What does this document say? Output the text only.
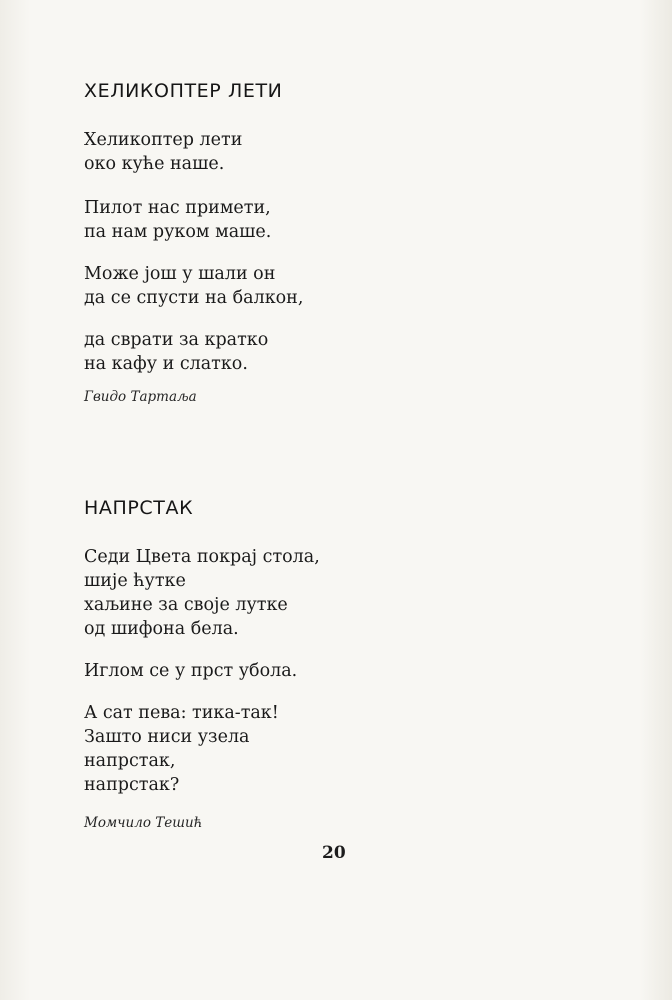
ХЕЛИКОПТЕР ЛЕТИ
Хеликоптер лети
око куће наше.
Пилот нас примети,
па нам руком маше.
Може још у шали он
да се спусти на балкон,
да сврати за кратко
на кафу и слатко.
Гвидо Тартаља
НАПРСТАК
Седи Цвета покрај стола,
шије ћутке
хаљине за своје лутке
од шифона бела.
Иглом се у прст убола.
А сат пева: тика-так!
Зашто ниси узела
напрстак,
напрстак?
Момчило Тешић
20
